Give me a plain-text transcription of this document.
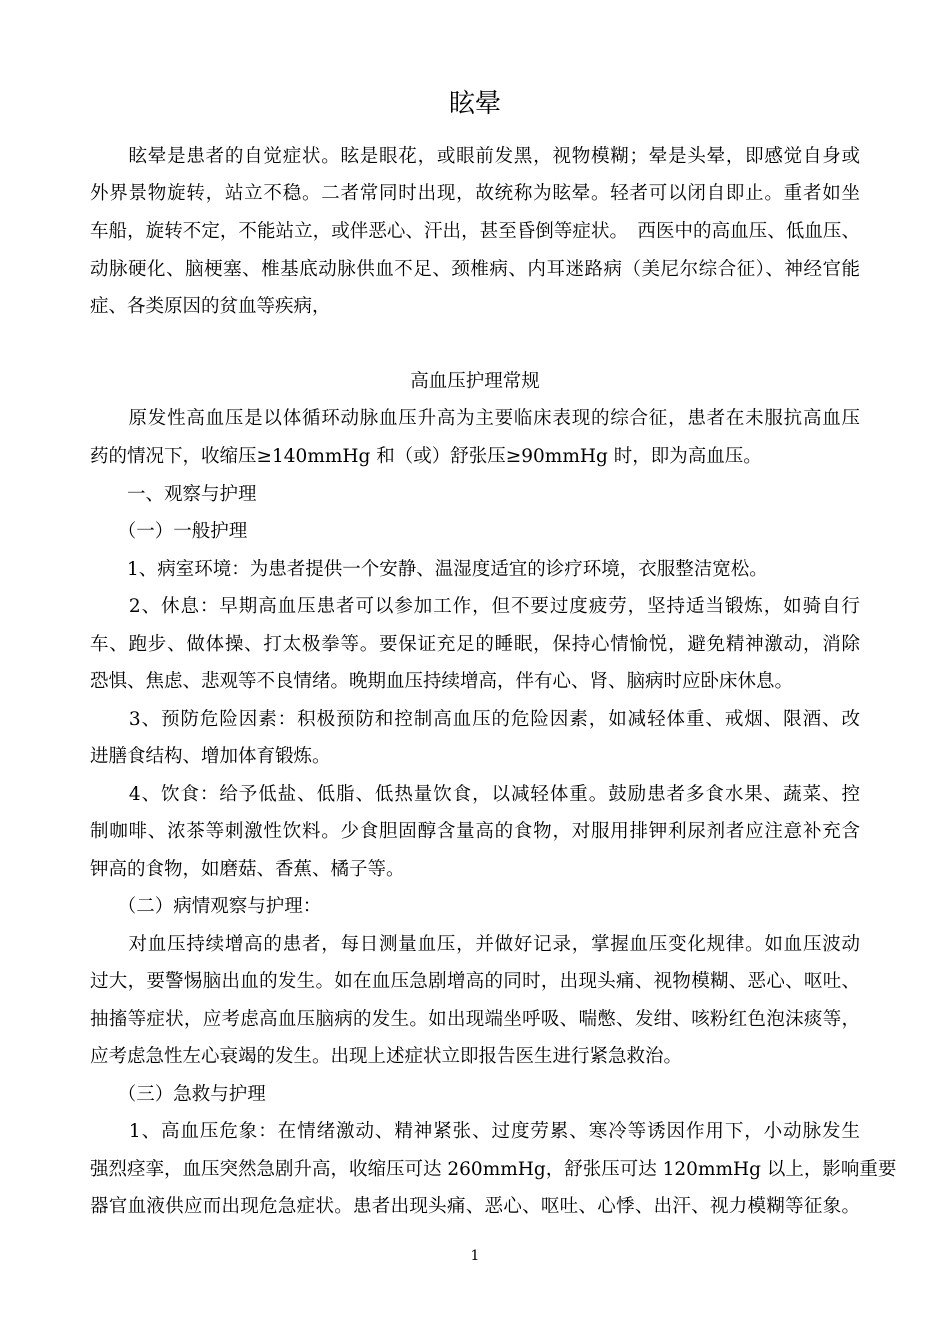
眩晕
　　眩晕是患者的自觉症状。眩是眼花，或眼前发黑，视物模糊；晕是头晕，即感觉自身或
外界景物旋转，站立不稳。二者常同时出现，故统称为眩晕。轻者可以闭自即止。重者如坐
车船，旋转不定，不能站立，或伴恶心、汗出，甚至昏倒等症状。　西医中的高血压、低血压、
动脉硬化、脑梗塞、椎基底动脉供血不足、颈椎病、内耳迷路病（美尼尔综合征）、神经官能
症、各类原因的贫血等疾病，
高血压护理常规
　　原发性高血压是以体循环动脉血压升高为主要临床表现的综合征，患者在未服抗高血压
药的情况下，收缩压≥140mmHg 和（或）舒张压≥90mmHg 时，即为高血压。
　　一、观察与护理
　　（一）一般护理
　　1、病室环境：为患者提供一个安静、温湿度适宜的诊疗环境，衣服整洁宽松。
　　2、休息：早期高血压患者可以参加工作，但不要过度疲劳，坚持适当锻炼，如骑自行
车、跑步、做体操、打太极拳等。要保证充足的睡眠，保持心情愉悦，避免精神激动，消除
恐惧、焦虑、悲观等不良情绪。晚期血压持续增高，伴有心、肾、脑病时应卧床休息。
　　3、预防危险因素：积极预防和控制高血压的危险因素，如减轻体重、戒烟、限酒、改
进膳食结构、增加体育锻炼。
　　4、饮食：给予低盐、低脂、低热量饮食，以减轻体重。鼓励患者多食水果、蔬菜、控
制咖啡、浓茶等刺激性饮料。少食胆固醇含量高的食物，对服用排钾利尿剂者应注意补充含
钾高的食物，如磨菇、香蕉、橘子等。
　　（二）病情观察与护理：
　　对血压持续增高的患者，每日测量血压，并做好记录，掌握血压变化规律。如血压波动
过大，要警惕脑出血的发生。如在血压急剧增高的同时，出现头痛、视物模糊、恶心、呕吐、
抽搐等症状，应考虑高血压脑病的发生。如出现端坐呼吸、喘憋、发绀、咳粉红色泡沫痰等，
应考虑急性左心衰竭的发生。出现上述症状立即报告医生进行紧急救治。
　　（三）急救与护理
　　1、高血压危象：在情绪激动、精神紧张、过度劳累、寒冷等诱因作用下，小动脉发生
强烈痉挛，血压突然急剧升高，收缩压可达 260mmHg，舒张压可达 120mmHg 以上，影响重要
器官血液供应而出现危急症状。患者出现头痛、恶心、呕吐、心悸、出汗、视力模糊等征象。
1
